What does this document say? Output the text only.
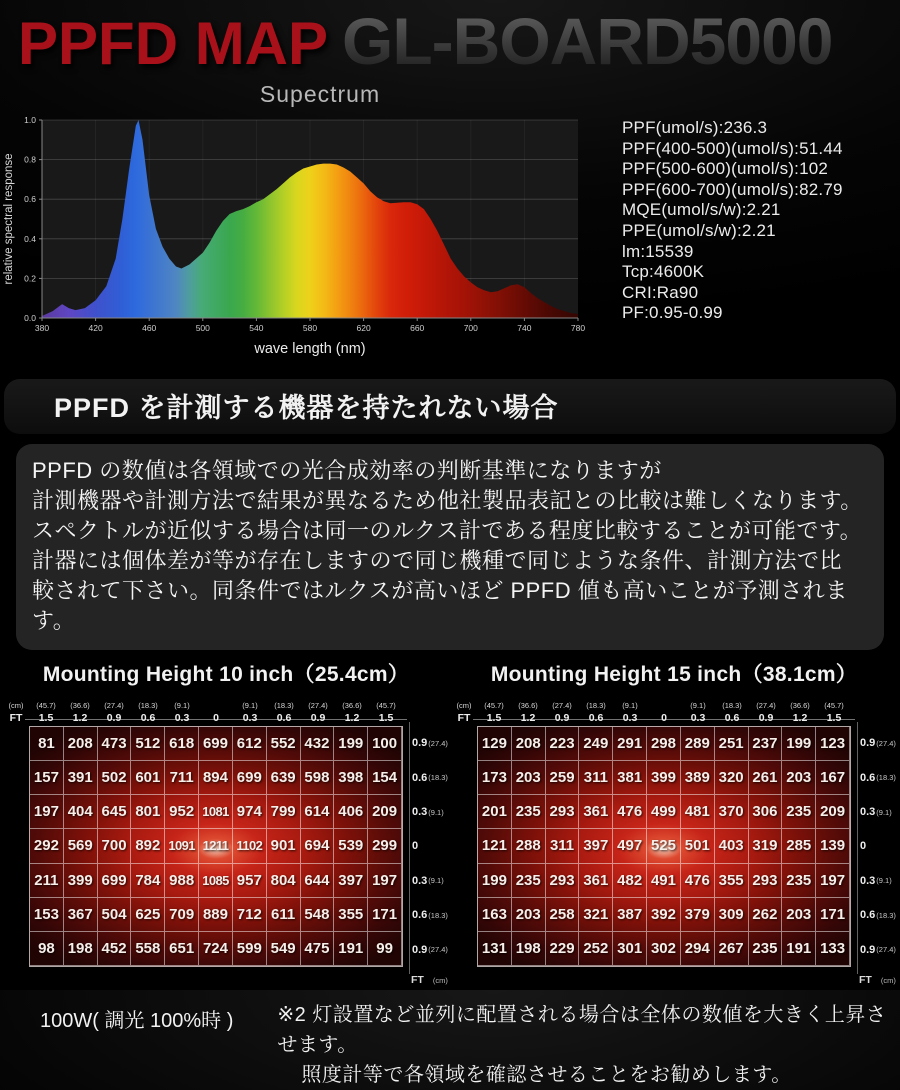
PPFD MAP GL-BOARD5000
Supectrum
0.0
0.2
0.4
0.6
0.8
1.0
380	420	460	500	540	580	620	660	700	740	780
relative spectral response
wave length (nm)
PPF(umol/s):236.3
PPF(400-500)(umol/s):51.44
PPF(500-600)(umol/s):102
PPF(600-700)(umol/s):82.79
MQE(umol/s/w):2.21
PPE(umol/s/w):2.21
lm:15539
Tcp:4600K
CRI:Ra90
PF:0.95-0.99
PPFD を計測する機器を持たれない場合
PPFD の数値は各領域での光合成効率の判断基準になりますが
計測機器や計測方法で結果が異なるため他社製品表記との比較は難しくなります。
スペクトルが近似する場合は同一のルクス計である程度比較することが可能です。
計器には個体差が等が存在しますので同じ機種で同じような条件、計測方法で比
較されて下さい。同条件ではルクスが高いほど PPFD 値も高いことが予測されます。
Mounting Height 10 inch（25.4cm）
(cm)
FT
(45.7)
1.5
(36.6)
1.2
(27.4)
0.9
(18.3)
0.6
(9.1)
0.3 0
(9.1)
0.3
(18.3)
0.6
(27.4)
0.9
(36.6)
1.2
(45.7)
1.5
81 208 473 512 618 699 612 552 432 199 100
157 391 502 601 711 894 699 639 598 398 154
197 404 645 801 952 1081 974 799 614 406 209
292 569 700 892 1091 1211 1102 901 694 539 299
211 399 699 784 988 1085 957 804 644 397 197
153 367 504 625 709 889 712 611 548 355 171
98 198 452 558 651 724 599 549 475 191 99
0.9 (27.4)
0.6 (18.3)
0.3 (9.1)
0
0.3 (9.1)
0.6 (18.3)
0.9 (27.4)
FT (cm)
Mounting Height 15 inch（38.1cm）
(cm)
FT
(45.7)
1.5
(36.6)
1.2
(27.4)
0.9
(18.3)
0.6
(9.1)
0.3 0
(9.1)
0.3
(18.3)
0.6
(27.4)
0.9
(36.6)
1.2
(45.7)
1.5
129 208 223 249 291 298 289 251 237 199 123
173 203 259 311 381 399 389 320 261 203 167
201 235 293 361 476 499 481 370 306 235 209
121 288 311 397 497 525 501 403 319 285 139
199 235 293 361 482 491 476 355 293 235 197
163 203 258 321 387 392 379 309 262 203 171
131 198 229 252 301 302 294 267 235 191 133
0.9 (27.4)
0.6 (18.3)
0.3 (9.1)
0
0.3 (9.1)
0.6 (18.3)
0.9 (27.4)
FT (cm)
100W( 調光 100%時 ) ※2 灯設置など並列に配置される場合は全体の数値を大きく上昇させます。
照度計等で各領域を確認させることをお勧めします。
